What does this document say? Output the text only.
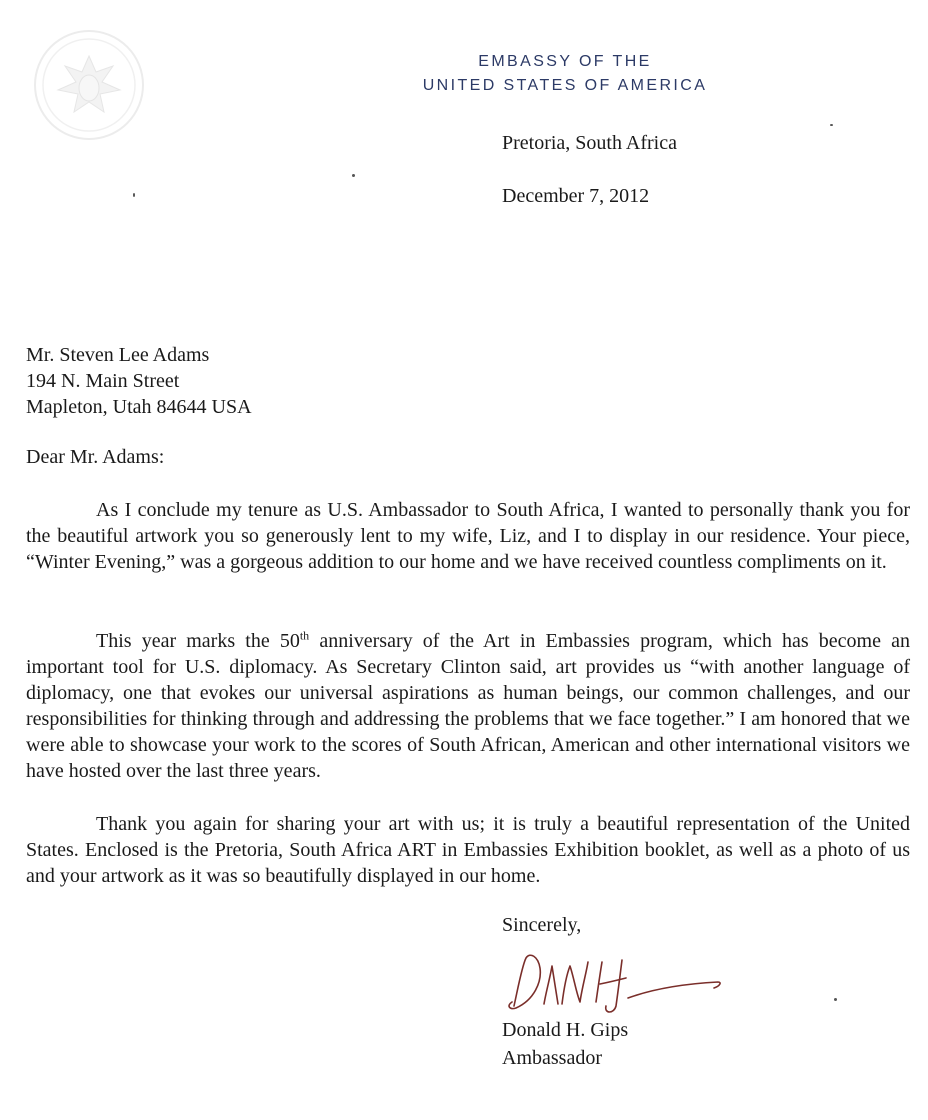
EMBASSY OF THE
UNITED STATES OF AMERICA
Pretoria, South Africa
December 7, 2012
Mr. Steven Lee Adams
194 N. Main Street
Mapleton, Utah 84644 USA
Dear Mr. Adams:

As I conclude my tenure as U.S. Ambassador to South Africa, I wanted to personally thank you for the beautiful artwork you so generously lent to my wife, Liz, and I to display in our residence. Your piece, “Winter Evening,” was a gorgeous addition to our home and we have received countless compliments on it.

This year marks the 50th anniversary of the Art in Embassies program, which has become an important tool for U.S. diplomacy. As Secretary Clinton said, art provides us “with another language of diplomacy, one that evokes our universal aspirations as human beings, our common challenges, and our responsibilities for thinking through and addressing the problems that we face together.” I am honored that we were able to showcase your work to the scores of South African, American and other international visitors we have hosted over the last three years.

Thank you again for sharing your art with us; it is truly a beautiful representation of the United States. Enclosed is the Pretoria, South Africa ART in Embassies Exhibition booklet, as well as a photo of us and your artwork as it was so beautifully displayed in our home.

Sincerely,
Donald H. Gips
Ambassador
